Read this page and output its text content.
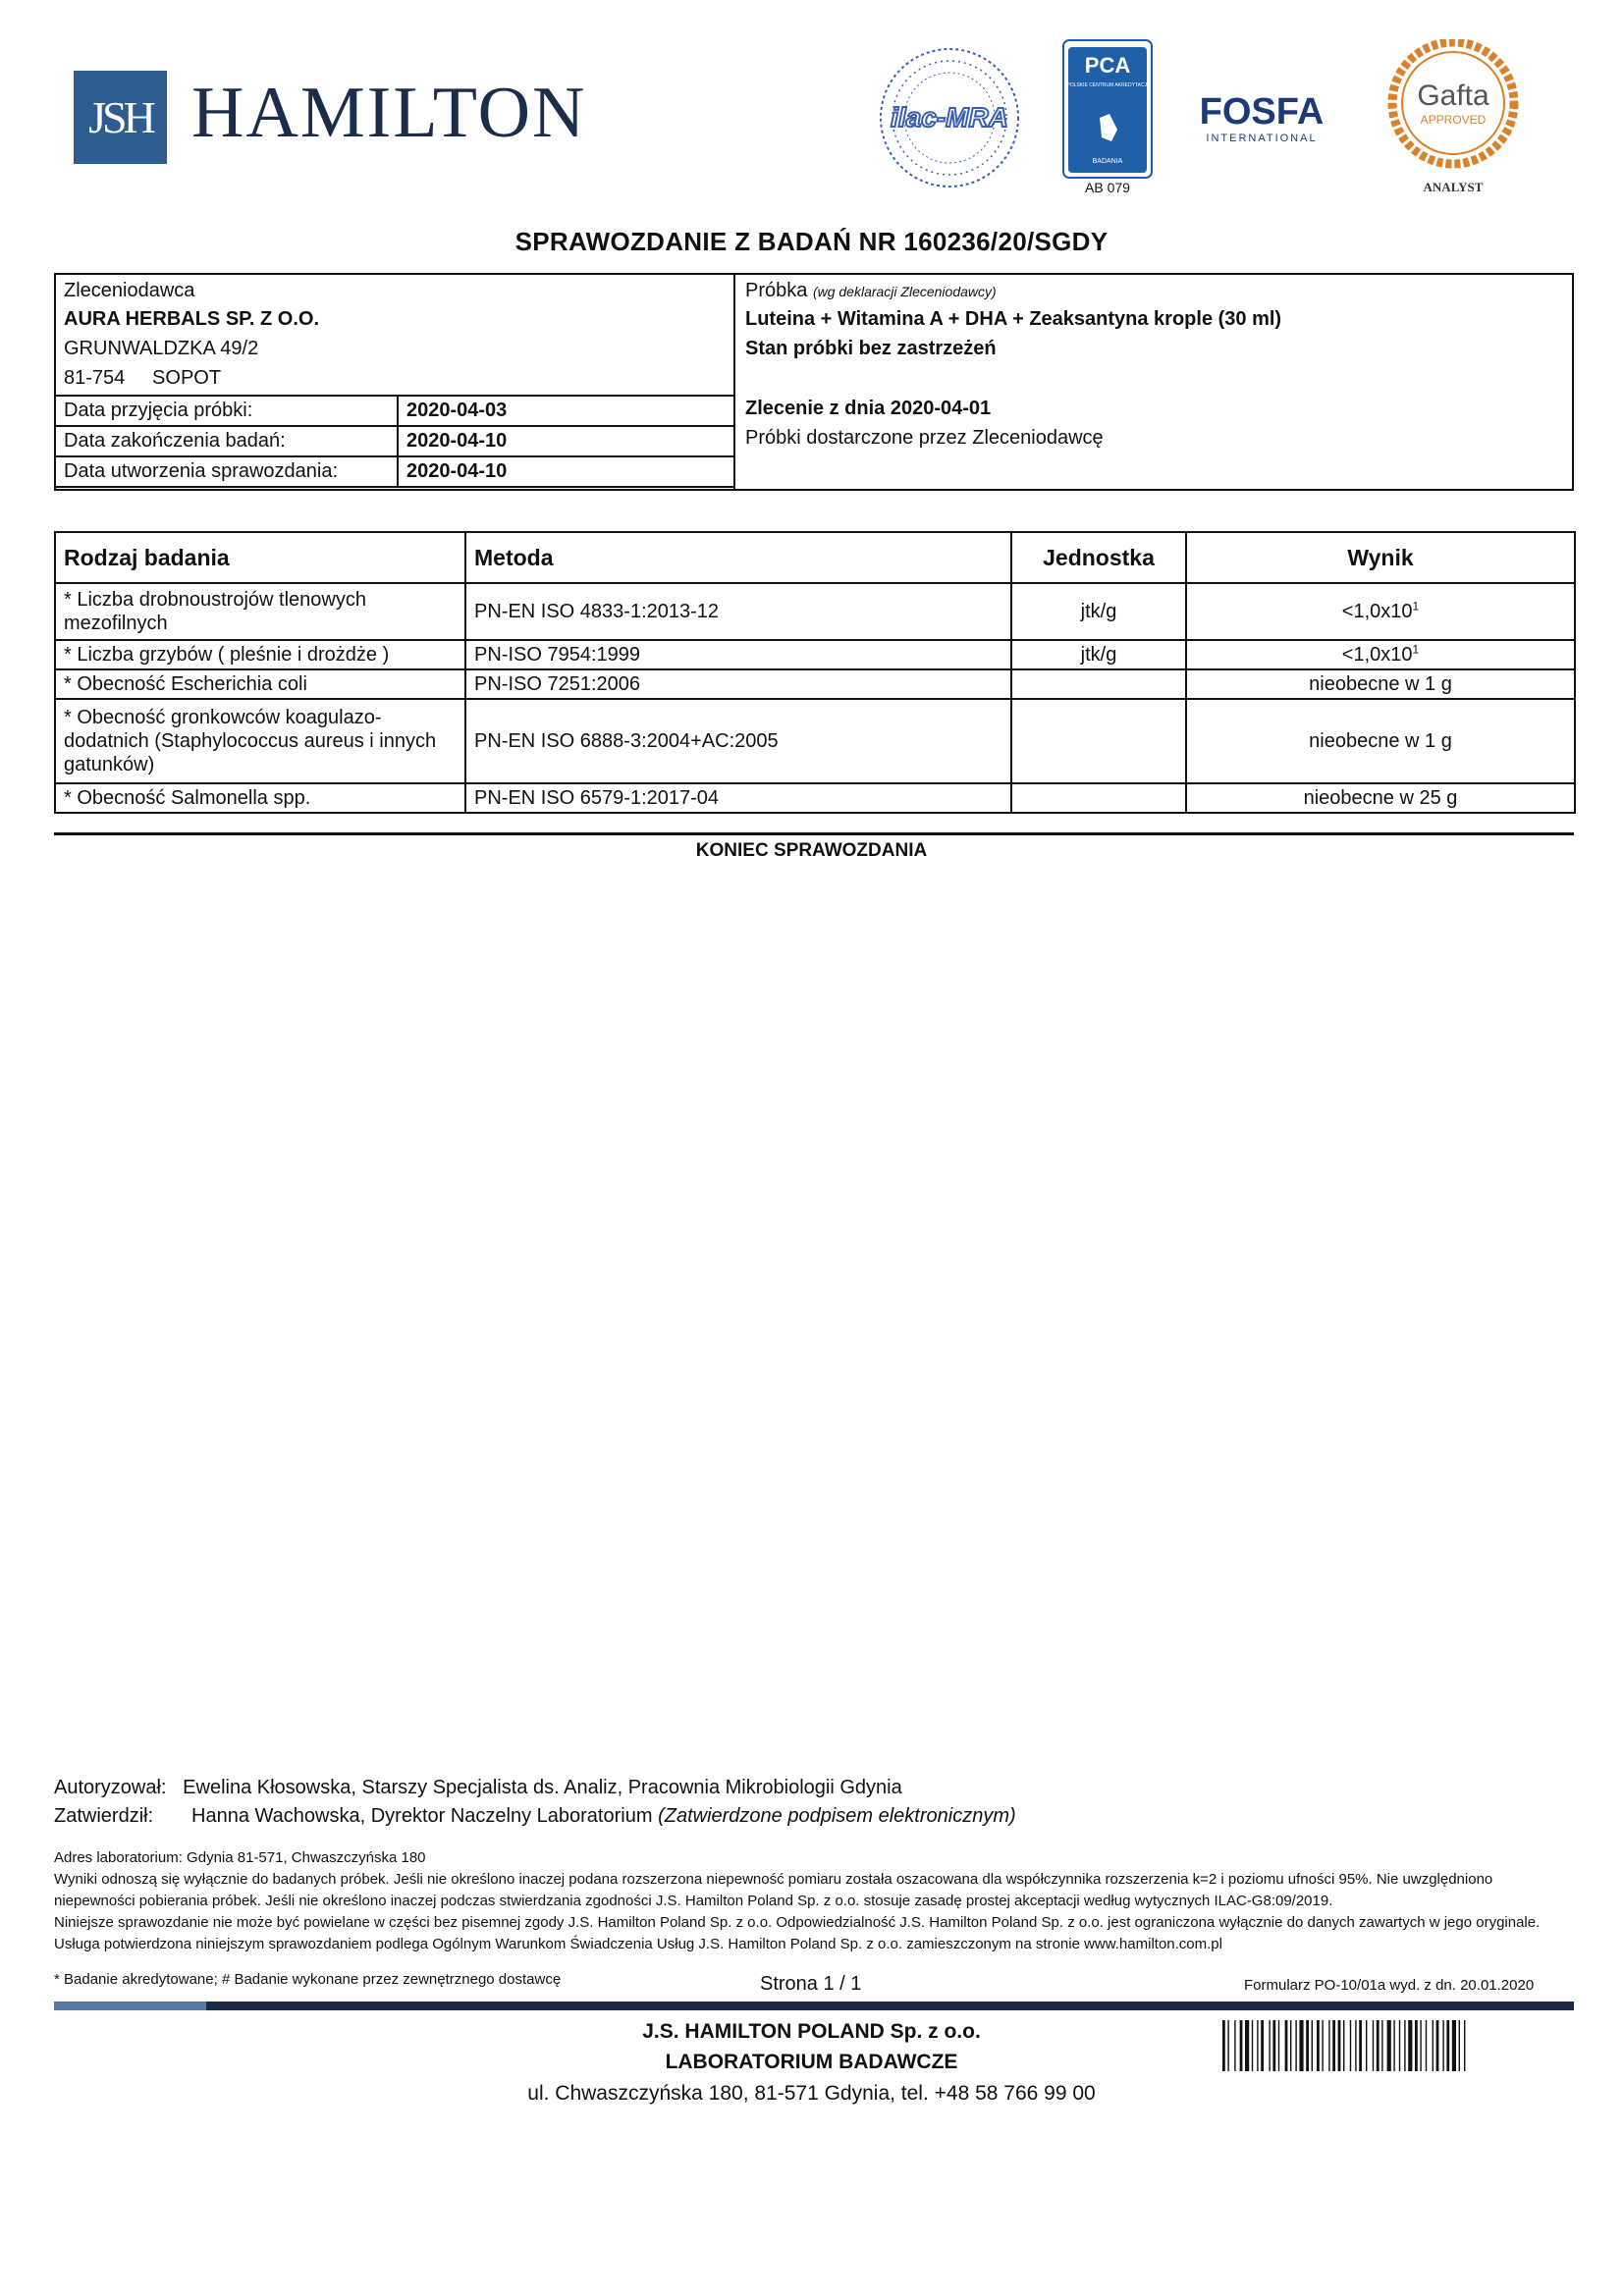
JSH HAMILTON	ilac-MRA
PCA
POLSKIE CENTRUM AKREDYTACJI
BADANIA
AB 079
FOSFA
INTERNATIONAL
Gafta
APPROVED
ANALYST
SPRAWOZDANIE Z BADAŃ NR 160236/20/SGDY
Zleceniodawca
AURA HERBALS SP. Z O.O.
GRUNWALDZKA 49/2
81-754     SOPOT
Data przyjęcia próbki:	2020-04-03
Data zakończenia badań:	2020-04-10
Data utworzenia sprawozdania:	2020-04-10
Próbka (wg deklaracji Zleceniodawcy)
Luteina + Witamina A + DHA + Zeaksantyna krople (30 ml)
Stan próbki bez zastrzeżeń
Zlecenie z dnia 2020-04-01
Próbki dostarczone przez Zleceniodawcę
Rodzaj badania	Metoda	Jednostka	Wynik
* Liczba drobnoustrojów tlenowych mezofilnych	PN-EN ISO 4833-1:2013-12	jtk/g	$<1,0x10^1$
* Liczba grzybów ( pleśnie i drożdże )	PN-ISO 7954:1999	jtk/g	$<1,0x10^1$
* Obecność Escherichia coli	PN-ISO 7251:2006		nieobecne w 1 g
* Obecność gronkowców koagulazo-dodatnich (Staphylococcus aureus i innych gatunków)	PN-EN ISO 6888-3:2004+AC:2005		nieobecne w 1 g
* Obecność Salmonella spp.	PN-EN ISO 6579-1:2017-04		nieobecne w 25 g
KONIEC SPRAWOZDANIA
Autoryzował: Ewelina Kłosowska, Starszy Specjalista ds. Analiz, Pracownia Mikrobiologii Gdynia
Zatwierdził: Hanna Wachowska, Dyrektor Naczelny Laboratorium (Zatwierdzone podpisem elektronicznym)
Adres laboratorium: Gdynia 81-571, Chwaszczyńska 180
Wyniki odnoszą się wyłącznie do badanych próbek. Jeśli nie określono inaczej podana rozszerzona niepewność pomiaru została oszacowana dla współczynnika rozszerzenia k=2 i poziomu ufności 95%. Nie uwzględniono niepewności pobierania próbek. Jeśli nie określono inaczej podczas stwierdzania zgodności J.S. Hamilton Poland Sp. z o.o. stosuje zasadę prostej akceptacji według wytycznych ILAC-G8:09/2019.
Niniejsze sprawozdanie nie może być powielane w części bez pisemnej zgody J.S. Hamilton Poland Sp. z o.o. Odpowiedzialność J.S. Hamilton Poland Sp. z o.o. jest ograniczona wyłącznie do danych zawartych w jego oryginale. Usługa potwierdzona niniejszym sprawozdaniem podlega Ogólnym Warunkom Świadczenia Usług J.S. Hamilton Poland Sp. z o.o. zamieszczonym na stronie www.hamilton.com.pl
* Badanie akredytowane; # Badanie wykonane przez zewnętrznego dostawcę	Strona 1 / 1	Formularz PO-10/01a wyd. z dn. 20.01.2020
J.S. HAMILTON POLAND Sp. z o.o.
LABORATORIUM BADAWCZE
ul. Chwaszczyńska 180, 81-571 Gdynia, tel. +48 58 766 99 00
